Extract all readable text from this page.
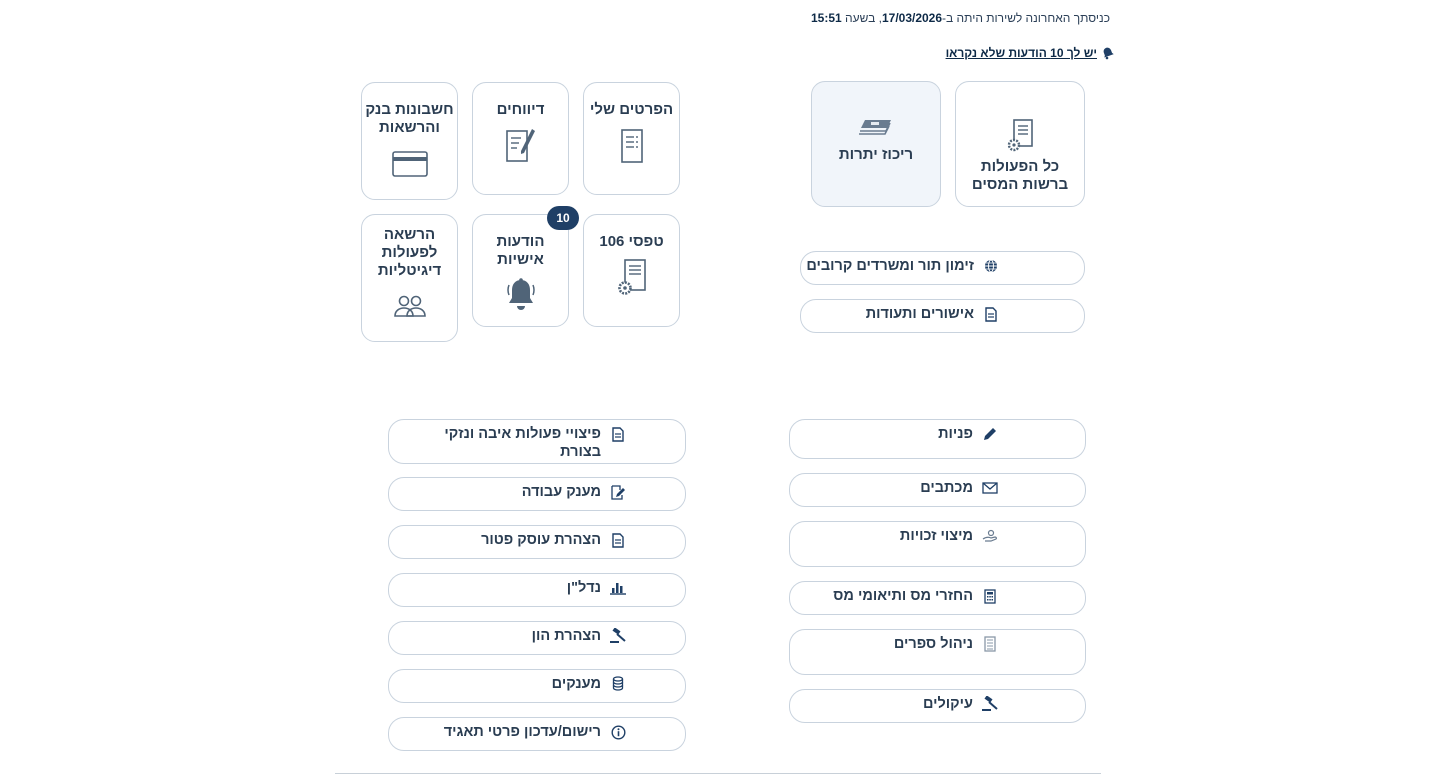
כניסתך האחרונה לשירות היתה ב-17/03/2026, בשעה 15:51
יש לך 10 הודעות שלא נקראו
כל הפעולות
ברשות המסים
ריכוז יתרות
זימון תור ומשרדים קרובים
אישורים ותעודות
הפרטים שלי
דיווחים
חשבונות בנק
והרשאות
טפסי 106
10
הודעות
אישיות
הרשאה
לפעולות
דיגיטליות
פניות
מכתבים
מיצוי זכויות
החזרי מס ותיאומי מס
ניהול ספרים
עיקולים
פיצויי פעולות איבה ונזקי
בצורת
מענק עבודה
הצהרת עוסק פטור
נדל"ן
הצהרת הון
מענקים
רישום/עדכון פרטי תאגיד
